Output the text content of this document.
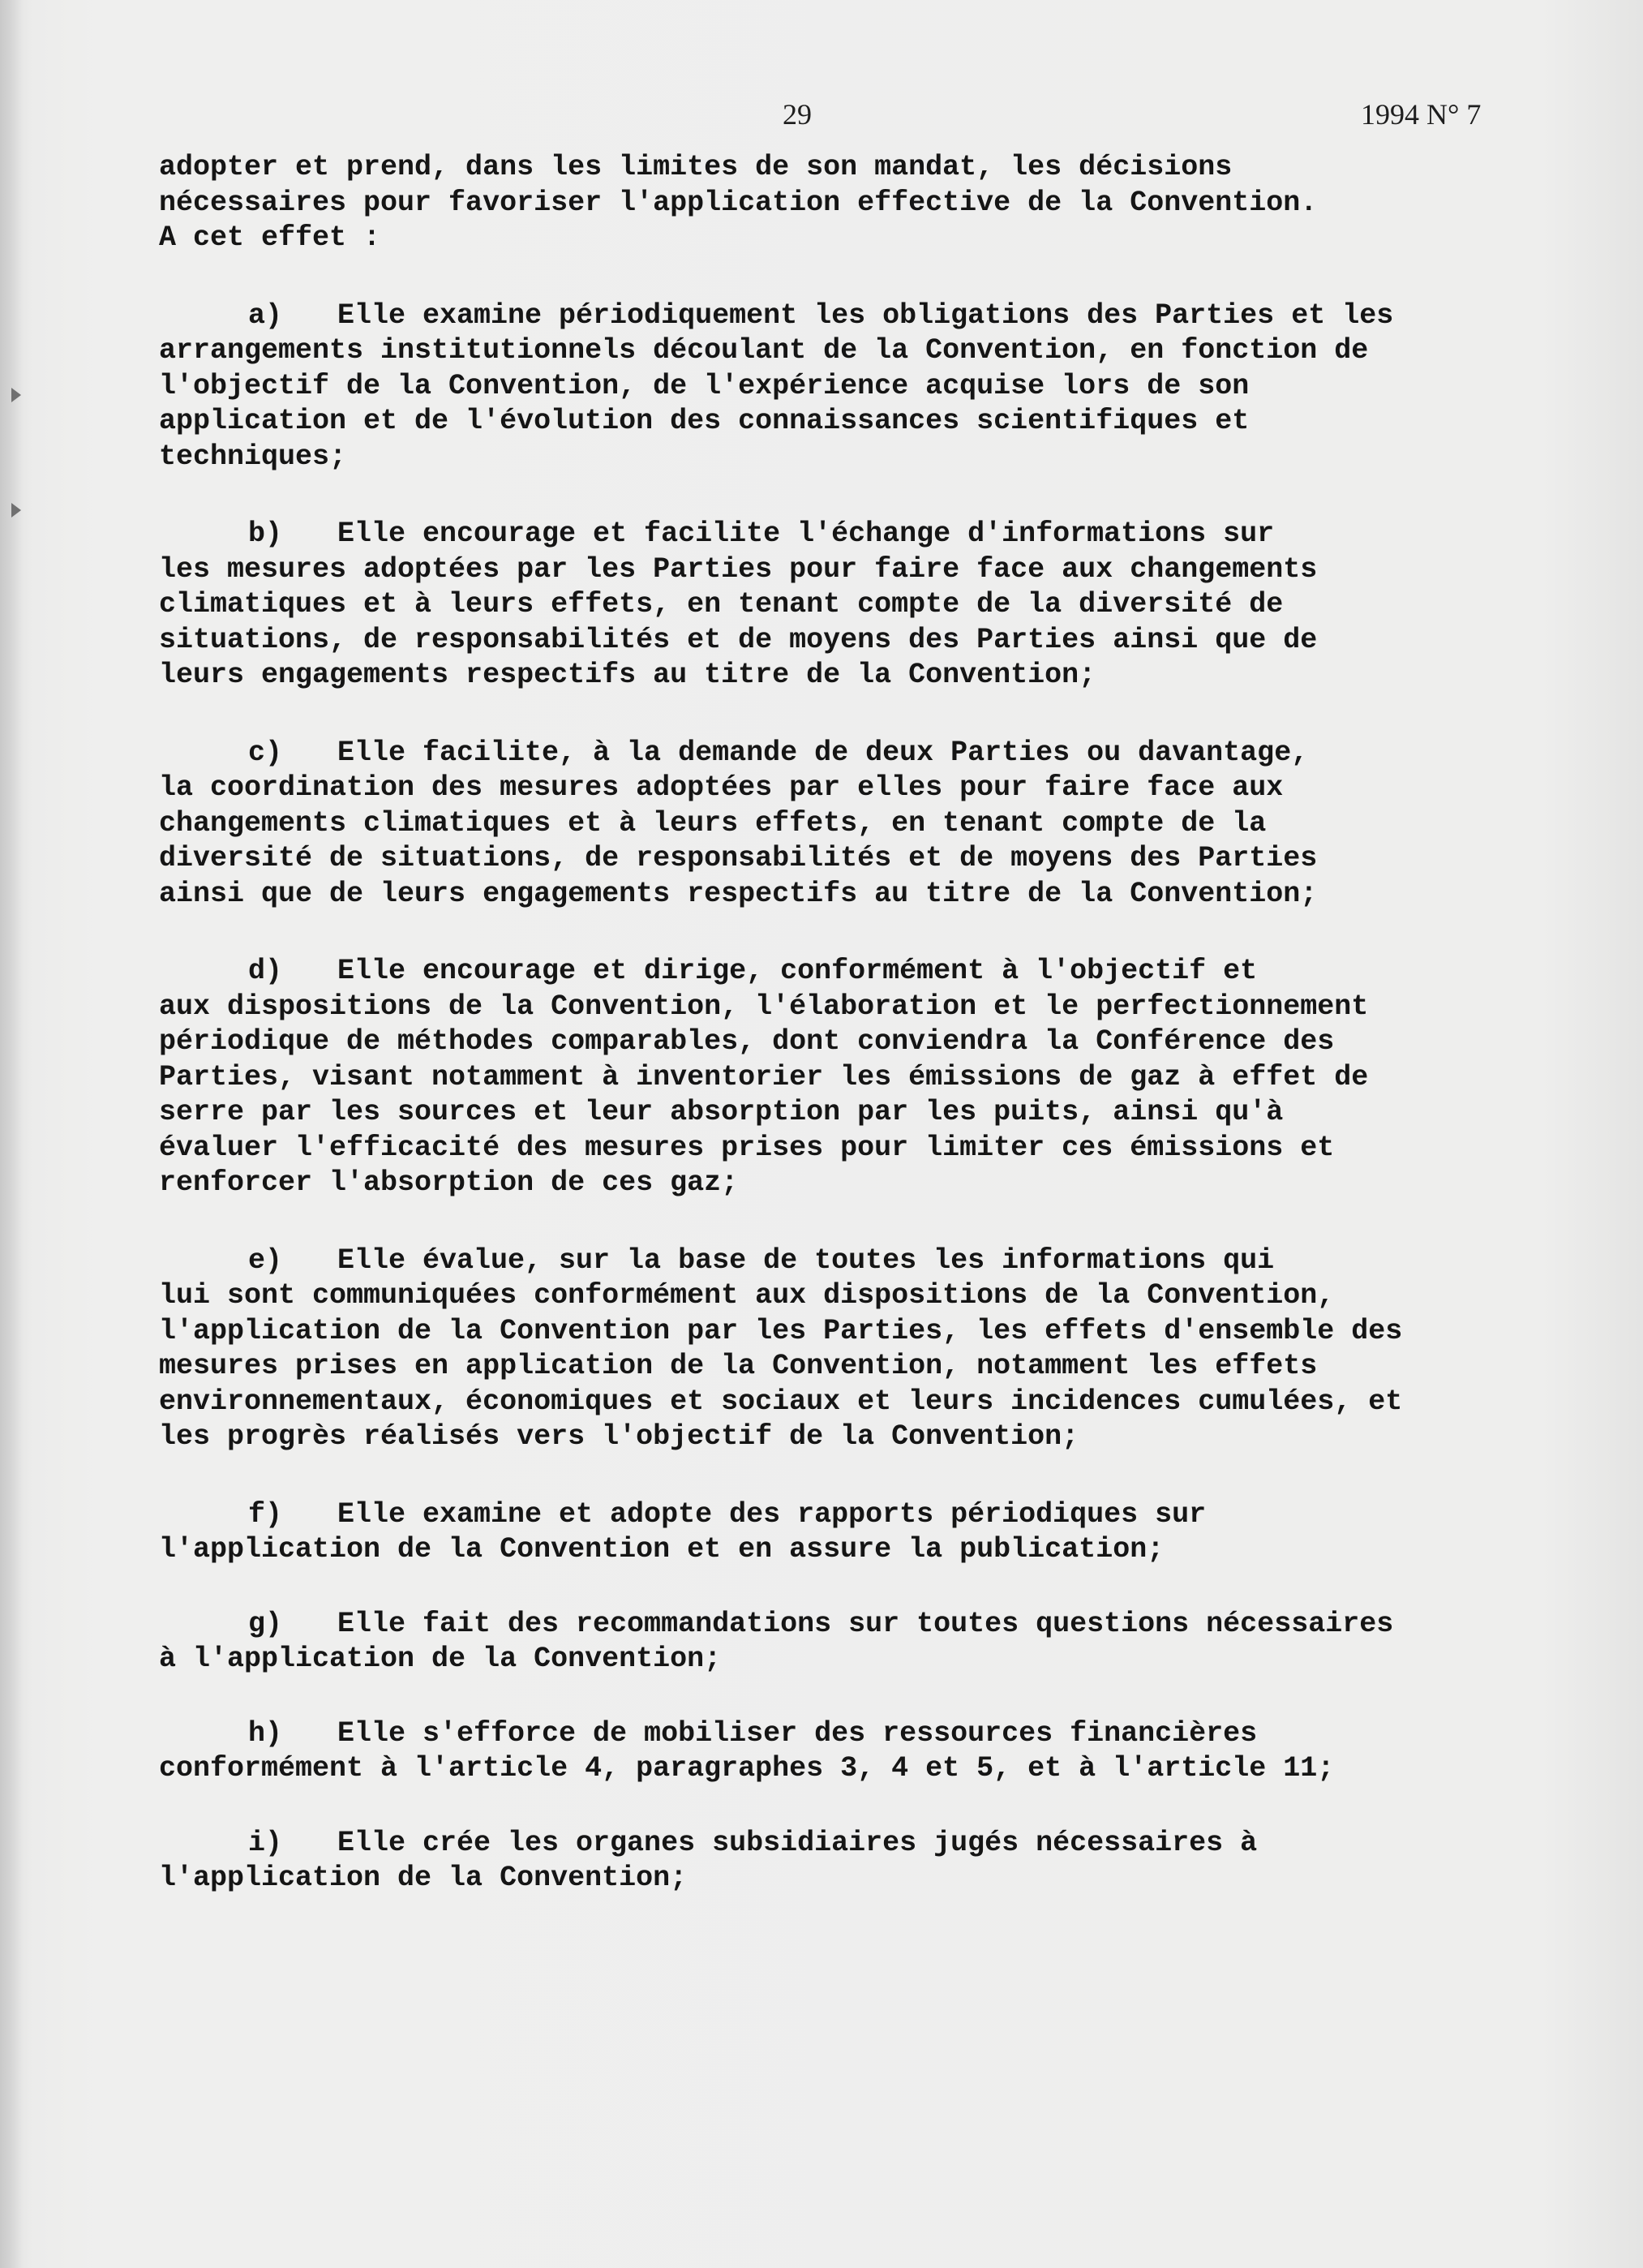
29	1994 N° 7
adopter et prend, dans les limites de son mandat, les décisions
nécessaires pour favoriser l'application effective de la Convention.
A cet effet :
a) Elle examine périodiquement les obligations des Parties et les
arrangements institutionnels découlant de la Convention, en fonction de
l'objectif de la Convention, de l'expérience acquise lors de son
application et de l'évolution des connaissances scientifiques et
techniques;
b) Elle encourage et facilite l'échange d'informations sur
les mesures adoptées par les Parties pour faire face aux changements
climatiques et à leurs effets, en tenant compte de la diversité de
situations, de responsabilités et de moyens des Parties ainsi que de
leurs engagements respectifs au titre de la Convention;
c) Elle facilite, à la demande de deux Parties ou davantage,
la coordination des mesures adoptées par elles pour faire face aux
changements climatiques et à leurs effets, en tenant compte de la
diversité de situations, de responsabilités et de moyens des Parties
ainsi que de leurs engagements respectifs au titre de la Convention;
d) Elle encourage et dirige, conformément à l'objectif et
aux dispositions de la Convention, l'élaboration et le perfectionnement
périodique de méthodes comparables, dont conviendra la Conférence des
Parties, visant notamment à inventorier les émissions de gaz à effet de
serre par les sources et leur absorption par les puits, ainsi qu'à
évaluer l'efficacité des mesures prises pour limiter ces émissions et
renforcer l'absorption de ces gaz;
e) Elle évalue, sur la base de toutes les informations qui
lui sont communiquées conformément aux dispositions de la Convention,
l'application de la Convention par les Parties, les effets d'ensemble des
mesures prises en application de la Convention, notamment les effets
environnementaux, économiques et sociaux et leurs incidences cumulées, et
les progrès réalisés vers l'objectif de la Convention;
f) Elle examine et adopte des rapports périodiques sur
l'application de la Convention et en assure la publication;
g) Elle fait des recommandations sur toutes questions nécessaires
à l'application de la Convention;
h) Elle s'efforce de mobiliser des ressources financières
conformément à l'article 4, paragraphes 3, 4 et 5, et à l'article 11;
i) Elle crée les organes subsidiaires jugés nécessaires à
l'application de la Convention;
